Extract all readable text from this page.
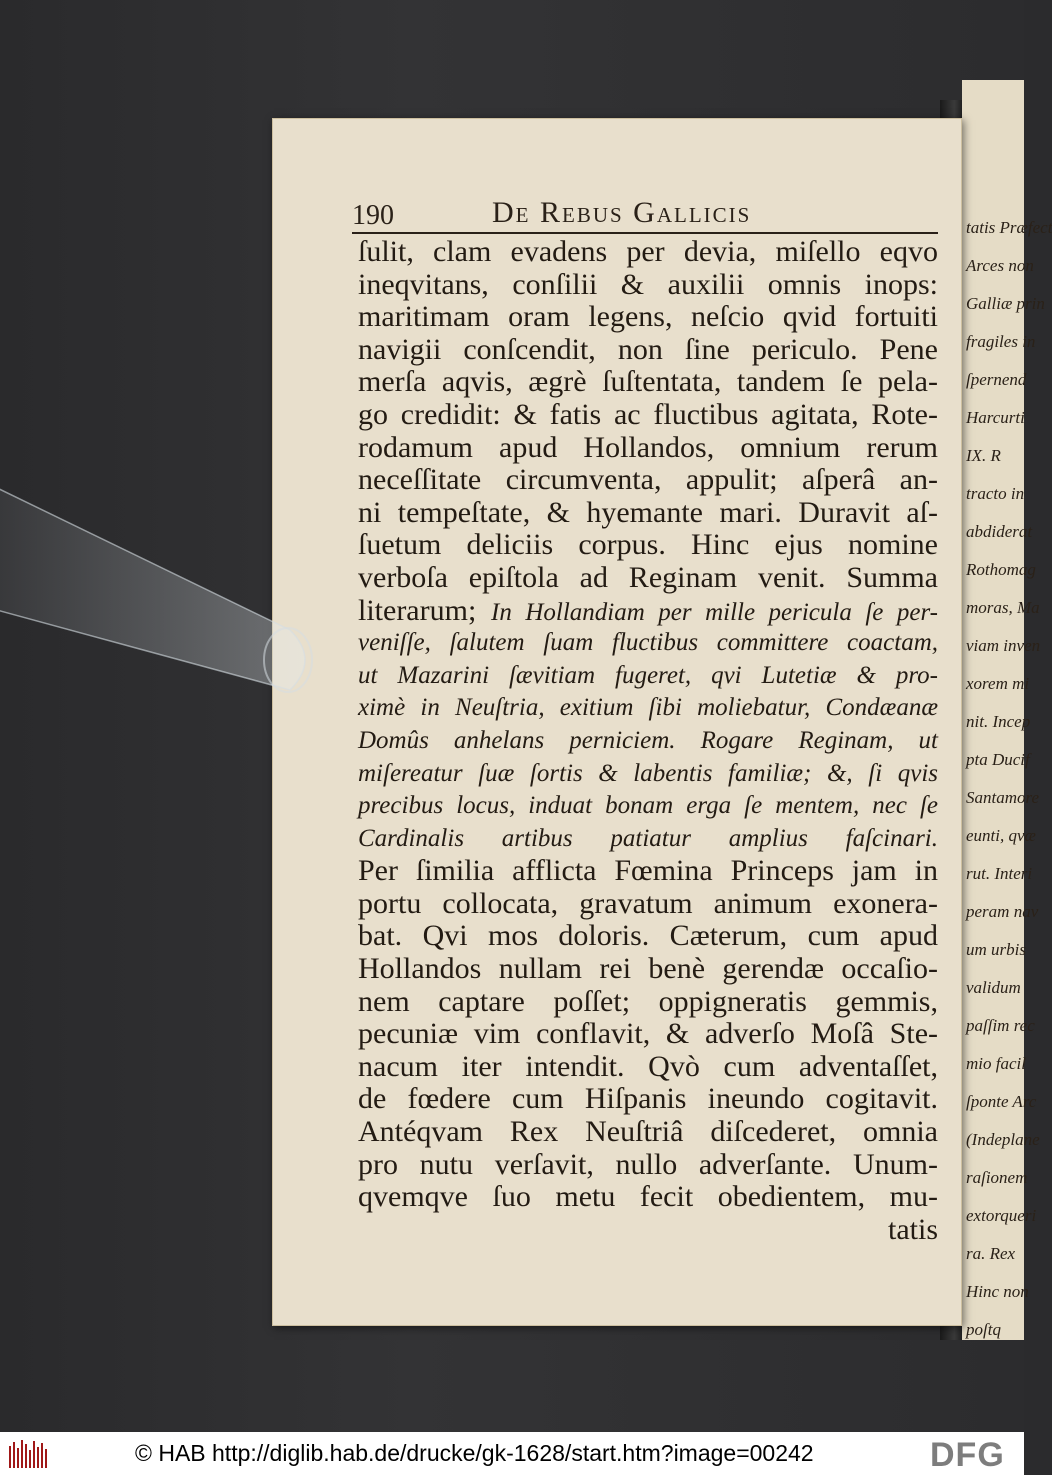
tatis Præfect
Arces non
Galliæ prin
fragiles in
ſpernend
Harcurti
IX. R
tracto in
abdiderat
Rothomag
moras, Ma
viam inven
xorem mi
nit. Incep
pta Ducif
Santamore
eunti, qvæ
rut. Interi
peram nav
um urbis
validum
paſſim rec
mio facil
ſponte Arc
(Indeplane
raſionem
extorqueri
ra. Rex
Hinc non
poſtq
190	De Rebus Gallicis
ſulit, clam evadens per devia, miſello eqvo
ineqvitans, conſilii & auxilii omnis inops:
maritimam oram legens, neſcio qvid fortuiti
navigii conſcendit, non ſine periculo. Pene
merſa aqvis, ægrè ſuſtentata, tandem ſe pela-
go credidit: & fatis ac fluctibus agitata, Rote-
rodamum apud Hollandos, omnium rerum
neceſſitate circumventa, appulit; aſperâ an-
ni tempeſtate, & hyemante mari. Duravit aſ-
ſuetum deliciis corpus. Hinc ejus nomine
verboſa epiſtola ad Reginam venit. Summa
literarum; In Hollandiam per mille pericula ſe per-
veniſſe, ſalutem ſuam fluctibus committere coactam,
ut Mazarini ſævitiam fugeret, qvi Lutetiæ & pro-
ximè in Neuſtria, exitium ſibi moliebatur, Condæanæ
Domûs anhelans perniciem. Rogare Reginam, ut
miſereatur ſuæ ſortis & labentis familiæ; &, ſi qvis
precibus locus, induat bonam erga ſe mentem, nec ſe
Cardinalis artibus patiatur amplius faſcinari.
Per ſimilia afflicta Fœmina Princeps jam in
portu collocata, gravatum animum exonera-
bat. Qvi mos doloris. Cæterum, cum apud
Hollandos nullam rei benè gerendæ occaſio-
nem captare poſſet; oppigneratis gemmis,
pecuniæ vim conflavit, & adverſo Moſâ Ste-
nacum iter intendit. Qvò cum adventaſſet,
de fœdere cum Hiſpanis ineundo cogitavit.
Antéqvam Rex Neuſtriâ diſcederet, omnia
pro nutu verſavit, nullo adverſante. Unum-
qvemqve ſuo metu fecit obedientem, mu-
tatis
© HAB http://diglib.hab.de/drucke/gk-1628/start.htm?image=00242	DFG
